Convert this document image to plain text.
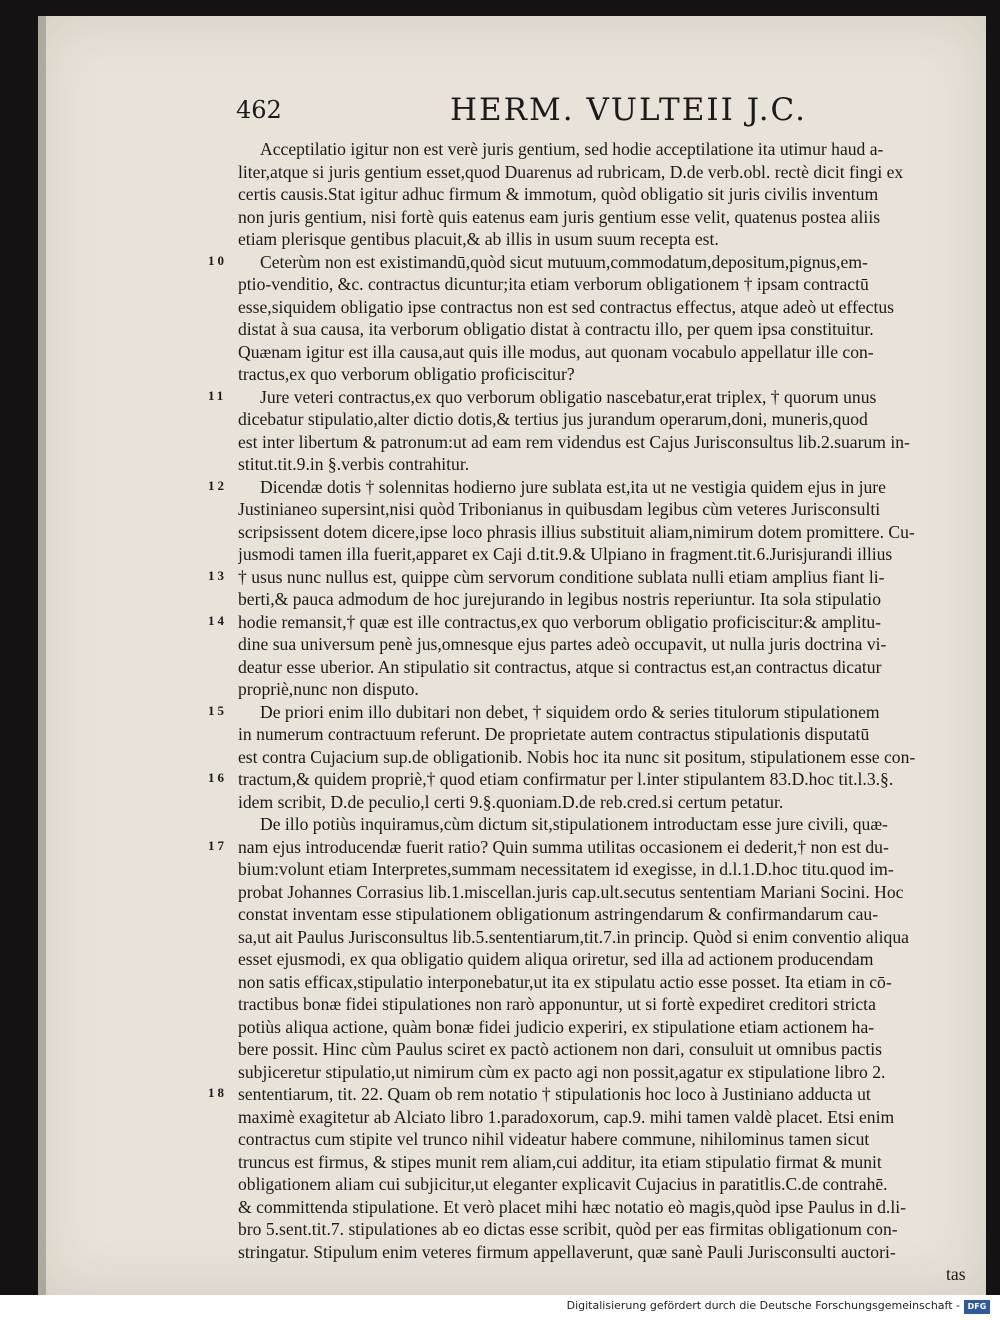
462	HERM. VULTEII J.C.
Acceptilatio igitur non est verè juris gentium, sed hodie acceptilatione ita utimur haud a-
liter,atque si juris gentium esset,quod Duarenus ad rubricam, D.de verb.obl. rectè dicit fingi ex
certis causis.Stat igitur adhuc firmum & immotum, quòd obligatio sit juris civilis inventum
non juris gentium, nisi fortè quis eatenus eam juris gentium esse velit, quatenus postea aliis
etiam plerisque gentibus placuit,& ab illis in usum suum recepta est.
Ceterùm non est existimandū,quòd sicut mutuum,commodatum,depositum,pignus,em-
ptio-venditio, &c. contractus dicuntur;ita etiam verborum obligationem † ipsam contractū
esse,siquidem obligatio ipse contractus non est sed contractus effectus, atque adeò ut effectus
distat à sua causa, ita verborum obligatio distat à contractu illo, per quem ipsa constituitur.
Quænam igitur est illa causa,aut quis ille modus, aut quonam vocabulo appellatur ille con-
tractus,ex quo verborum obligatio proficiscitur?
Jure veteri contractus,ex quo verborum obligatio nascebatur,erat triplex, † quorum unus
dicebatur stipulatio,alter dictio dotis,& tertius jus jurandum operarum,doni, muneris,quod
est inter libertum & patronum:ut ad eam rem videndus est Cajus Jurisconsultus lib.2.suarum in-
stitut.tit.9.in §.verbis contrahitur.
Dicendæ dotis † solennitas hodierno jure sublata est,ita ut ne vestigia quidem ejus in jure
Justinianeo supersint,nisi quòd Tribonianus in quibusdam legibus cùm veteres Jurisconsulti
scripsissent dotem dicere,ipse loco phrasis illius substituit aliam,nimirum dotem promittere. Cu-
jusmodi tamen illa fuerit,apparet ex Caji d.tit.9.& Ulpiano in fragment.tit.6.Jurisjurandi illius
† usus nunc nullus est, quippe cùm servorum conditione sublata nulli etiam amplius fiant li-
berti,& pauca admodum de hoc jurejurando in legibus nostris reperiuntur. Ita sola stipulatio
hodie remansit,† quæ est ille contractus,ex quo verborum obligatio proficiscitur:& amplitu-
dine sua universum penè jus,omnesque ejus partes adeò occupavit, ut nulla juris doctrina vi-
deatur esse uberior. An stipulatio sit contractus, atque si contractus est,an contractus dicatur
propriè,nunc non disputo.
De priori enim illo dubitari non debet, † siquidem ordo & series titulorum stipulationem
in numerum contractuum referunt. De proprietate autem contractus stipulationis disputatū
est contra Cujacium sup.de obligationib. Nobis hoc ita nunc sit positum, stipulationem esse con-
tractum,& quidem propriè,† quod etiam confirmatur per l.inter stipulantem 83.D.hoc tit.l.3.§.
idem scribit, D.de peculio,l certi 9.§.quoniam.D.de reb.cred.si certum petatur.
De illo potiùs inquiramus,cùm dictum sit,stipulationem introductam esse jure civili, quæ-
nam ejus introducendæ fuerit ratio? Quin summa utilitas occasionem ei dederit,† non est du-
bium:volunt etiam Interpretes,summam necessitatem id exegisse, in d.l.1.D.hoc titu.quod im-
probat Johannes Corrasius lib.1.miscellan.juris cap.ult.secutus sententiam Mariani Socini. Hoc
constat inventam esse stipulationem obligationum astringendarum & confirmandarum cau-
sa,ut ait Paulus Jurisconsultus lib.5.sententiarum,tit.7.in princip. Quòd si enim conventio aliqua
esset ejusmodi, ex qua obligatio quidem aliqua oriretur, sed illa ad actionem producendam
non satis efficax,stipulatio interponebatur,ut ita ex stipulatu actio esse posset. Ita etiam in cō-
tractibus bonæ fidei stipulationes non rarò apponuntur, ut si fortè expediret creditori stricta
potiùs aliqua actione, quàm bonæ fidei judicio experiri, ex stipulatione etiam actionem ha-
bere possit. Hinc cùm Paulus sciret ex pactò actionem non dari, consuluit ut omnibus pactis
subjiceretur stipulatio,ut nimirum cùm ex pacto agi non possit,agatur ex stipulatione libro 2.
sententiarum, tit. 22. Quam ob rem notatio † stipulationis hoc loco à Justiniano adducta ut
maximè exagitetur ab Alciato libro 1.paradoxorum, cap.9. mihi tamen valdè placet. Etsi enim
contractus cum stipite vel trunco nihil videatur habere commune, nihilominus tamen sicut
truncus est firmus, & stipes munit rem aliam,cui additur, ita etiam stipulatio firmat & munit
obligationem aliam cui subjicitur,ut eleganter explicavit Cujacius in paratitlis.C.de contrahē.
& committenda stipulatione. Et verò placet mihi hæc notatio eò magis,quòd ipse Paulus in d.li-
bro 5.sent.tit.7. stipulationes ab eo dictas esse scribit, quòd per eas firmitas obligationum con-
stringatur. Stipulum enim veteres firmum appellaverunt, quæ sanè Pauli Jurisconsulti auctori-
tas
10
11
12
13
14
15
16
17
18
Digitalisierung gefördert durch die Deutsche Forschungsgemeinschaft - DFG
